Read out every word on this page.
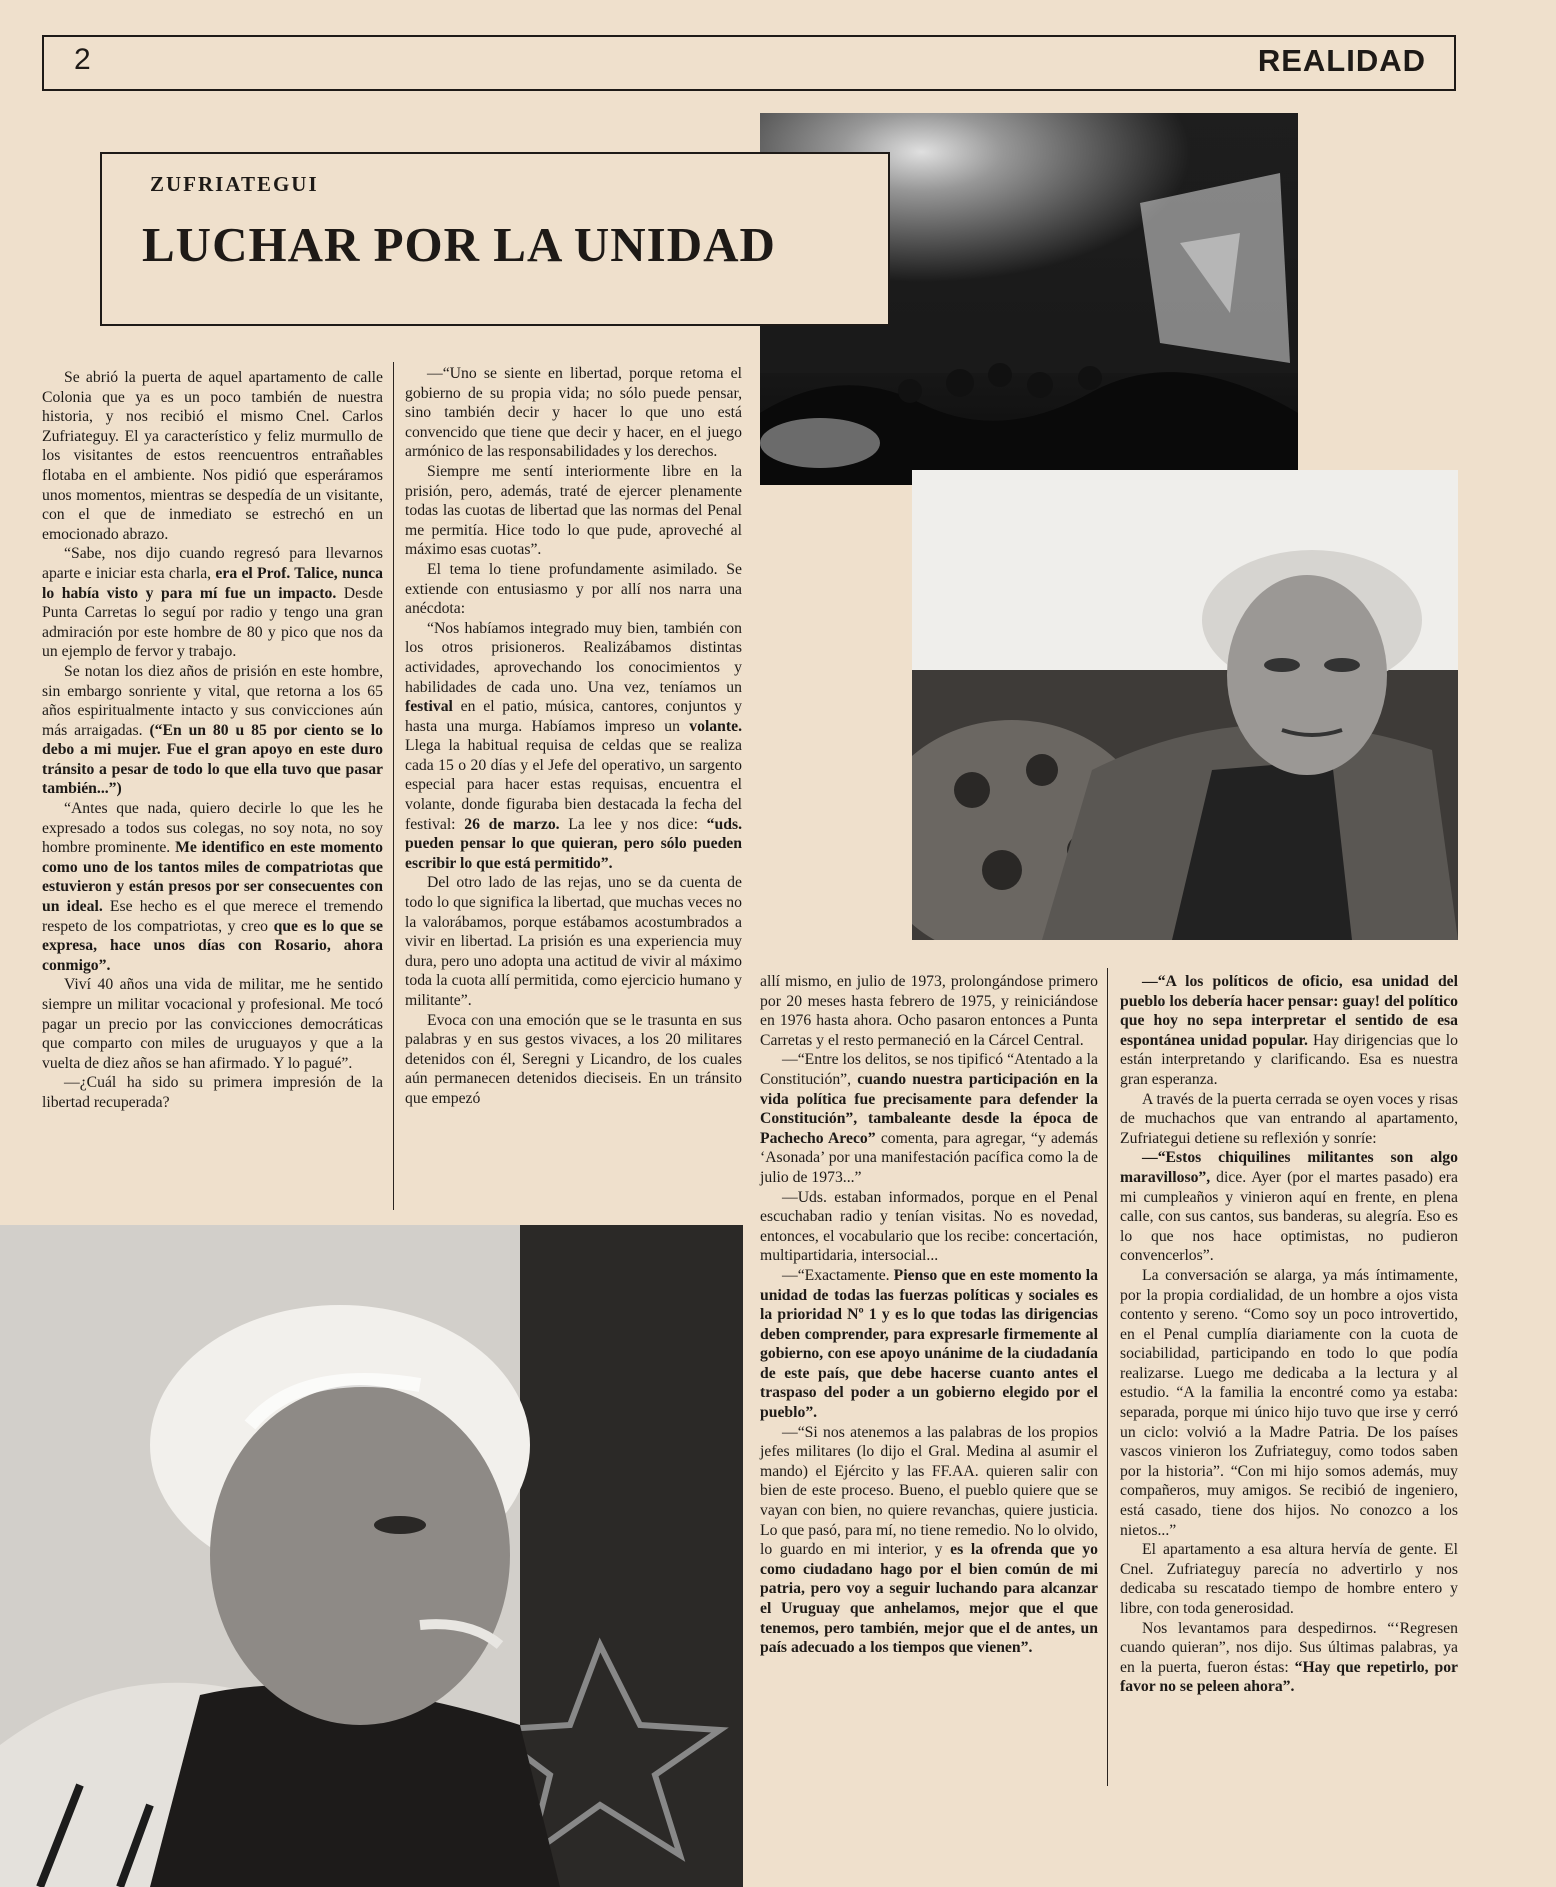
2	REALIDAD
ZUFRIATEGUI
LUCHAR POR LA UNIDAD

Se abrió la puerta de aquel apartamento de calle Colonia que ya es un poco también de nuestra historia, y nos recibió el mismo Cnel. Carlos Zufriateguy. El ya característico y feliz murmullo de los visitantes de estos reencuentros entrañables flotaba en el ambiente. Nos pidió que esperáramos unos momentos, mientras se despedía de un visitante, con el que de inmediato se estrechó en un emocionado abrazo.

“Sabe, nos dijo cuando regresó para llevarnos aparte e iniciar esta charla, era el Prof. Talice, nunca lo había visto y para mí fue un impacto. Desde Punta Carretas lo seguí por radio y tengo una gran admiración por este hombre de 80 y pico que nos da un ejemplo de fervor y trabajo.

Se notan los diez años de prisión en este hombre, sin embargo sonriente y vital, que retorna a los 65 años espiritualmente intacto y sus convicciones aún más arraigadas. (“En un 80 u 85 por ciento se lo debo a mi mujer. Fue el gran apoyo en este duro tránsito a pesar de todo lo que ella tuvo que pasar también...”)

“Antes que nada, quiero decirle lo que les he expresado a todos sus colegas, no soy nota, no soy hombre prominente. Me identifico en este momento como uno de los tantos miles de compatriotas que estuvieron y están presos por ser consecuentes con un ideal. Ese hecho es el que merece el tremendo respeto de los compatriotas, y creo que es lo que se expresa, hace unos días con Rosario, ahora conmigo”.

Viví 40 años una vida de militar, me he sentido siempre un militar vocacional y profesional. Me tocó pagar un precio por las convicciones democráticas que comparto con miles de uruguayos y que a la vuelta de diez años se han afirmado. Y lo pagué”.

—¿Cuál ha sido su primera impresión de la libertad recuperada?

—“Uno se siente en libertad, porque retoma el gobierno de su propia vida; no sólo puede pensar, sino también decir y hacer lo que uno está convencido que tiene que decir y hacer, en el juego armónico de las responsabilidades y los derechos.

Siempre me sentí interiormente libre en la prisión, pero, además, traté de ejercer plenamente todas las cuotas de libertad que las normas del Penal me permitía. Hice todo lo que pude, aproveché al máximo esas cuotas”.

El tema lo tiene profundamente asimilado. Se extiende con entusiasmo y por allí nos narra una anécdota:

“Nos habíamos integrado muy bien, también con los otros prisioneros. Realizábamos distintas actividades, aprovechando los conocimientos y habilidades de cada uno. Una vez, teníamos un festival en el patio, música, cantores, conjuntos y hasta una murga. Habíamos impreso un volante. Llega la habitual requisa de celdas que se realiza cada 15 o 20 días y el Jefe del operativo, un sargento especial para hacer estas requisas, encuentra el volante, donde figuraba bien destacada la fecha del festival: 26 de marzo. La lee y nos dice: “uds. pueden pensar lo que quieran, pero sólo pueden escribir lo que está permitido”.

Del otro lado de las rejas, uno se da cuenta de todo lo que significa la libertad, que muchas veces no la valorábamos, porque estábamos acostumbrados a vivir en libertad. La prisión es una experiencia muy dura, pero uno adopta una actitud de vivir al máximo toda la cuota allí permitida, como ejercicio humano y militante”.

Evoca con una emoción que se le trasunta en sus palabras y en sus gestos vivaces, a los 20 militares detenidos con él, Seregni y Licandro, de los cuales aún permanecen detenidos dieciseis. En un tránsito que empezó

allí mismo, en julio de 1973, prolongándose primero por 20 meses hasta febrero de 1975, y reiniciándose en 1976 hasta ahora. Ocho pasaron entonces a Punta Carretas y el resto permaneció en la Cárcel Central.

—“Entre los delitos, se nos tipificó “Atentado a la Constitución”, cuando nuestra participación en la vida política fue precisamente para defender la Constitución”, tambaleante desde la época de Pachecho Areco” comenta, para agregar, “y además ‘Asonada’ por una manifestación pacífica como la de julio de 1973...”

—Uds. estaban informados, porque en el Penal escuchaban radio y tenían visitas. No es novedad, entonces, el vocabulario que los recibe: concertación, multipartidaria, intersocial...

—“Exactamente. Pienso que en este momento la unidad de todas las fuerzas políticas y sociales es la prioridad Nº 1 y es lo que todas las dirigencias deben comprender, para expresarle firmemente al gobierno, con ese apoyo unánime de la ciudadanía de este país, que debe hacerse cuanto antes el traspaso del poder a un gobierno elegido por el pueblo”.

—“Si nos atenemos a las palabras de los propios jefes militares (lo dijo el Gral. Medina al asumir el mando) el Ejército y las FF.AA. quieren salir con bien de este proceso. Bueno, el pueblo quiere que se vayan con bien, no quiere revanchas, quiere justicia. Lo que pasó, para mí, no tiene remedio. No lo olvido, lo guardo en mi interior, y es la ofrenda que yo como ciudadano hago por el bien común de mi patria, pero voy a seguir luchando para alcanzar el Uruguay que anhelamos, mejor que el que tenemos, pero también, mejor que el de antes, un país adecuado a los tiempos que vienen”.

—“A los políticos de oficio, esa unidad del pueblo los debería hacer pensar: guay! del político que hoy no sepa interpretar el sentido de esa espontánea unidad popular. Hay dirigencias que lo están interpretando y clarificando. Esa es nuestra gran esperanza.

A través de la puerta cerrada se oyen voces y risas de muchachos que van entrando al apartamento, Zufriategui detiene su reflexión y sonríe:

—“Estos chiquilines militantes son algo maravilloso”, dice. Ayer (por el martes pasado) era mi cumpleaños y vinieron aquí en frente, en plena calle, con sus cantos, sus banderas, su alegría. Eso es lo que nos hace optimistas, no pudieron convencerlos”.

La conversación se alarga, ya más íntimamente, por la propia cordialidad, de un hombre a ojos vista contento y sereno. “Como soy un poco introvertido, en el Penal cumplía diariamente con la cuota de sociabilidad, participando en todo lo que podía realizarse. Luego me dedicaba a la lectura y al estudio. “A la familia la encontré como ya estaba: separada, porque mi único hijo tuvo que irse y cerró un ciclo: volvió a la Madre Patria. De los países vascos vinieron los Zufriateguy, como todos saben por la historia”. “Con mi hijo somos además, muy compañeros, muy amigos. Se recibió de ingeniero, está casado, tiene dos hijos. No conozco a los nietos...”

El apartamento a esa altura hervía de gente. El Cnel. Zufriateguy parecía no advertirlo y nos dedicaba su rescatado tiempo de hombre entero y libre, con toda generosidad.

Nos levantamos para despedirnos. “‘Regresen cuando quieran”, nos dijo. Sus últimas palabras, ya en la puerta, fueron éstas: “Hay que repetirlo, por favor no se peleen ahora”.
